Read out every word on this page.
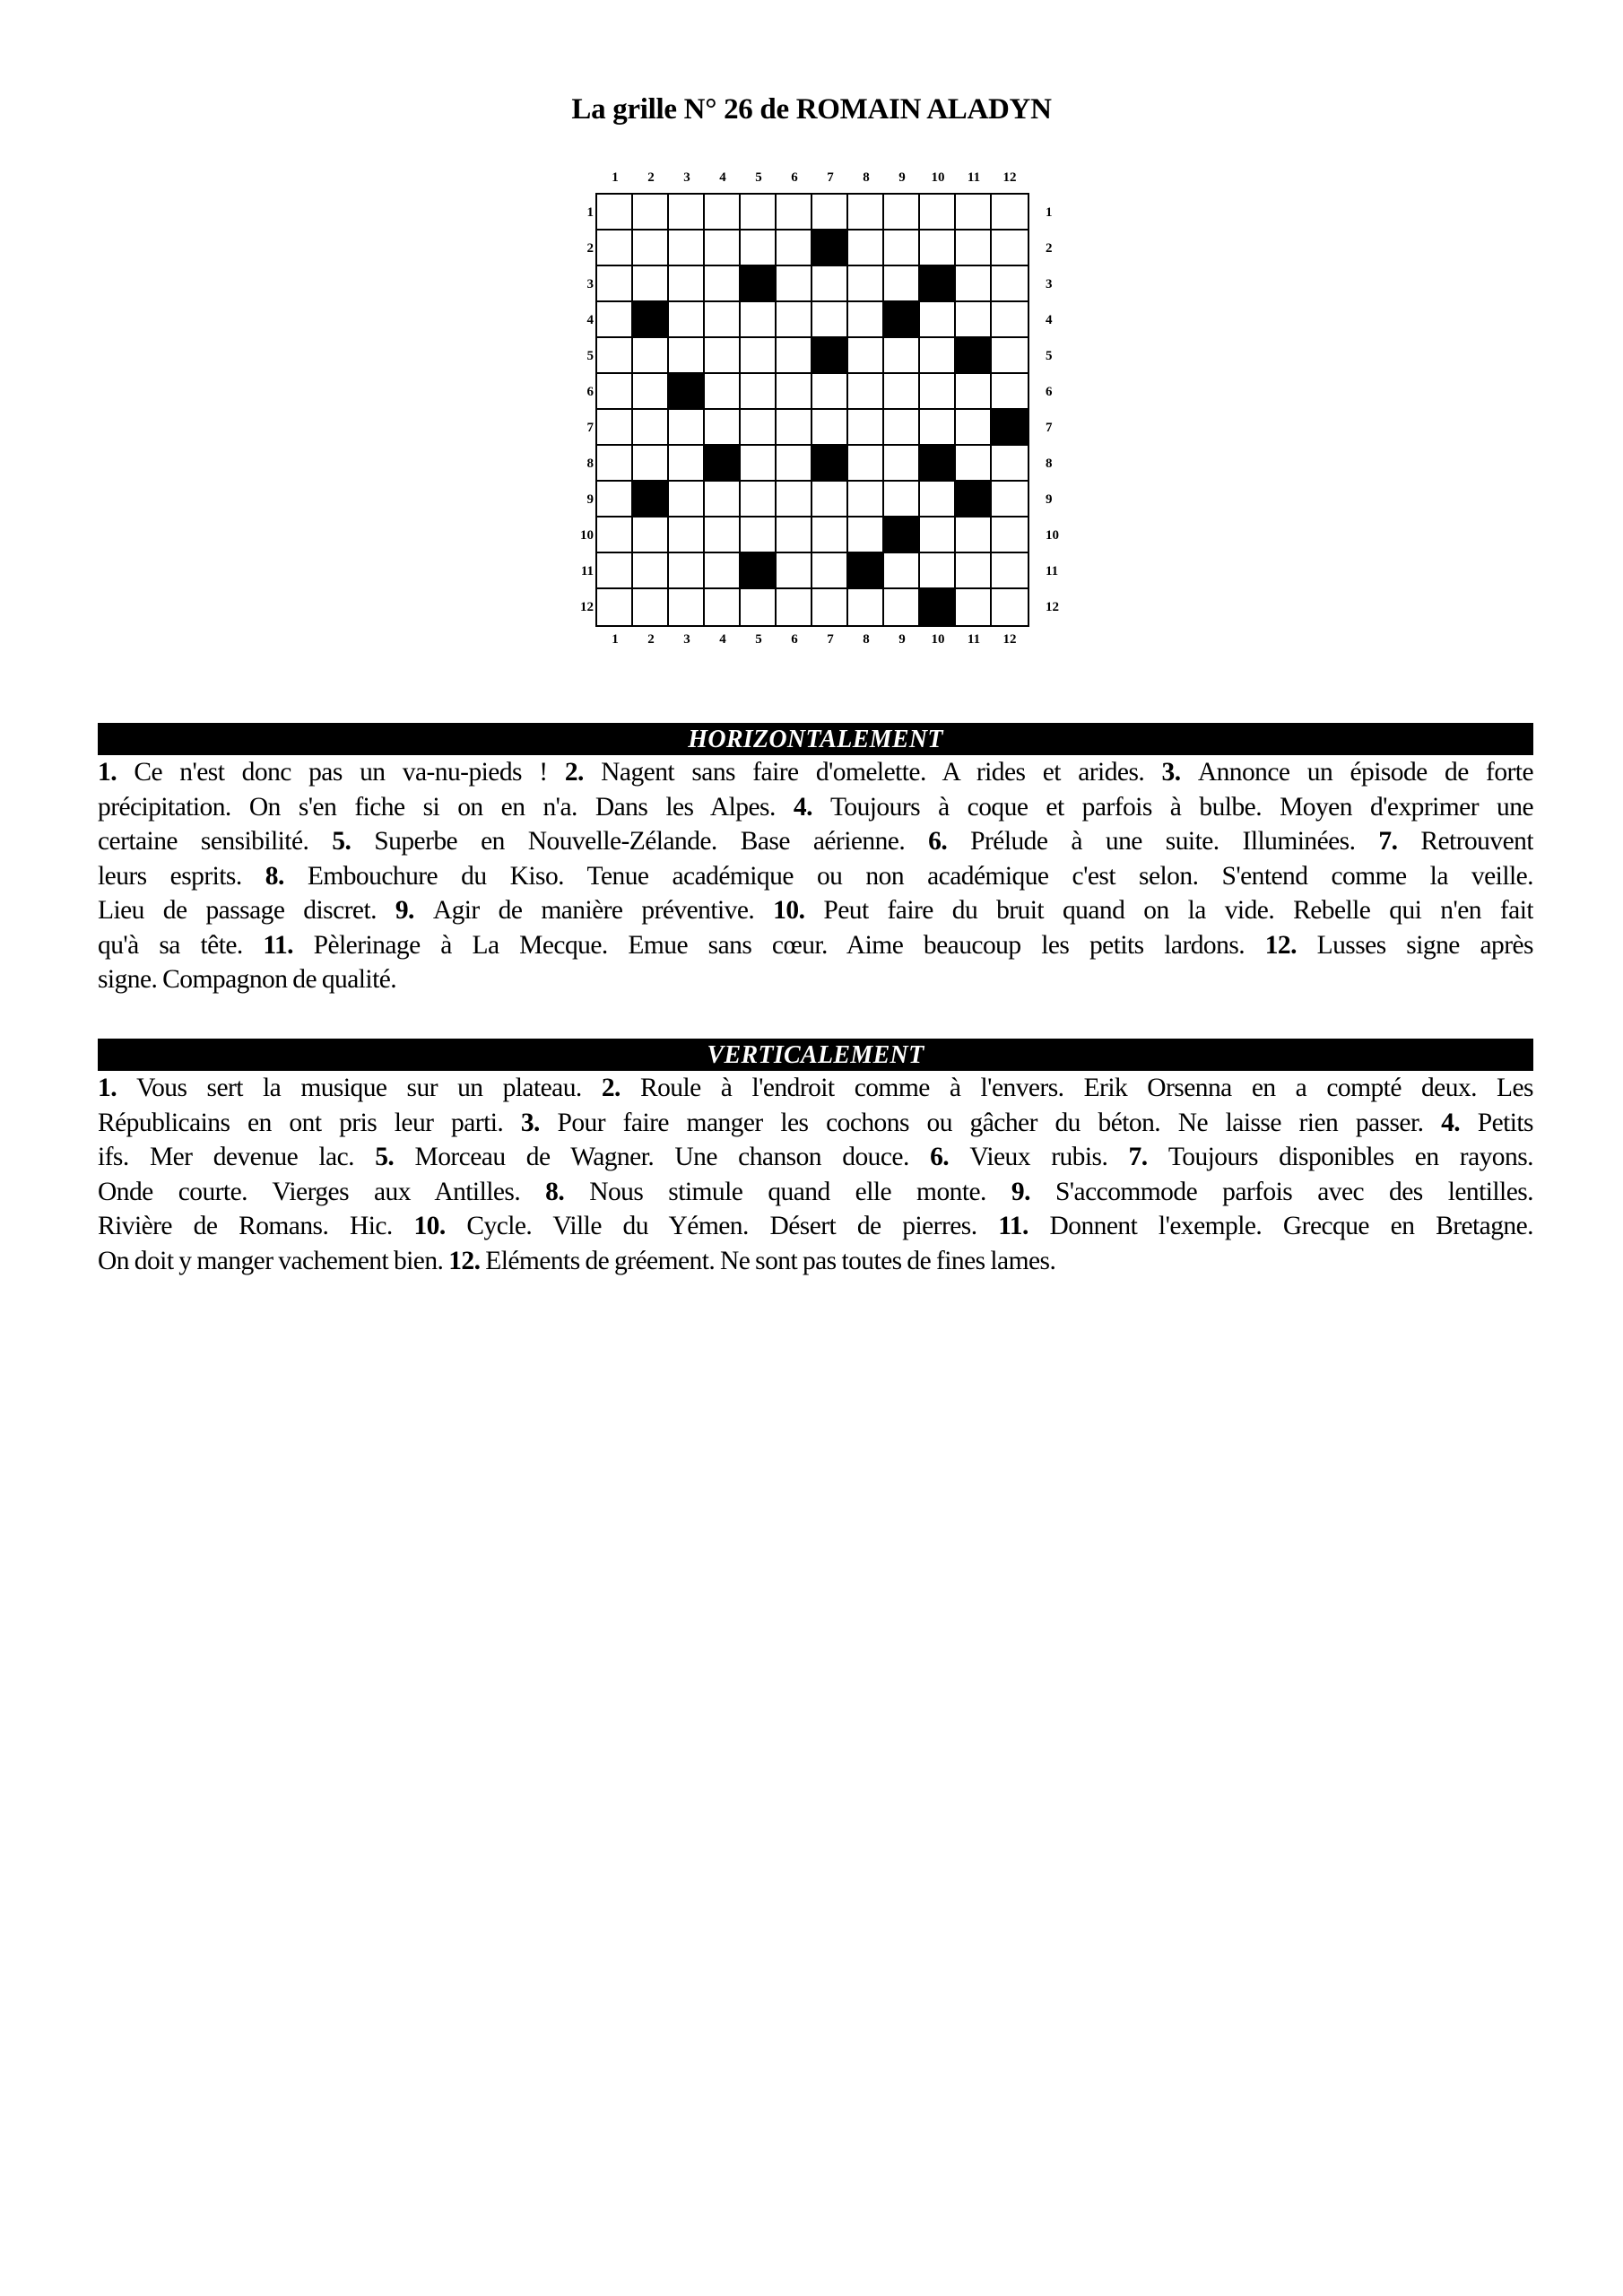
La grille N° 26 de ROMAIN ALADYN
1	2	3	4	5	6	7	8	9	10	11	12
1
2
3
4
5
6
7
8
9
10
11
12
1
2
3
4
5
6
7
8
9
10
11
12
1	2	3	4	5	6	7	8	9	10	11	12
HORIZONTALEMENT
1. Ce n'est donc pas un va-nu-pieds ! 2. Nagent sans faire d'omelette. A rides et arides. 3. Annonce un épisode de forte
précipitation. On s'en fiche si on en n'a. Dans les Alpes. 4. Toujours à coque et parfois à bulbe. Moyen d'exprimer une
certaine sensibilité. 5. Superbe en Nouvelle-Zélande. Base aérienne. 6. Prélude à une suite. Illuminées. 7. Retrouvent
leurs esprits. 8. Embouchure du Kiso. Tenue académique ou non académique c'est selon. S'entend comme la veille.
Lieu de passage discret. 9. Agir de manière préventive. 10. Peut faire du bruit quand on la vide. Rebelle qui n'en fait
qu'à sa tête. 11. Pèlerinage à La Mecque. Emue sans cœur. Aime beaucoup les petits lardons. 12. Lusses signe après
signe. Compagnon de qualité.
VERTICALEMENT
1. Vous sert la musique sur un plateau. 2. Roule à l'endroit comme à l'envers. Erik Orsenna en a compté deux. Les
Républicains en ont pris leur parti. 3. Pour faire manger les cochons ou gâcher du béton. Ne laisse rien passer. 4. Petits
ifs. Mer devenue lac. 5. Morceau de Wagner. Une chanson douce. 6. Vieux rubis. 7. Toujours disponibles en rayons.
Onde courte. Vierges aux Antilles. 8. Nous stimule quand elle monte. 9. S'accommode parfois avec des lentilles.
Rivière de Romans. Hic. 10. Cycle. Ville du Yémen. Désert de pierres. 11. Donnent l'exemple. Grecque en Bretagne.
On doit y manger vachement bien. 12. Eléments de gréement. Ne sont pas toutes de fines lames.
